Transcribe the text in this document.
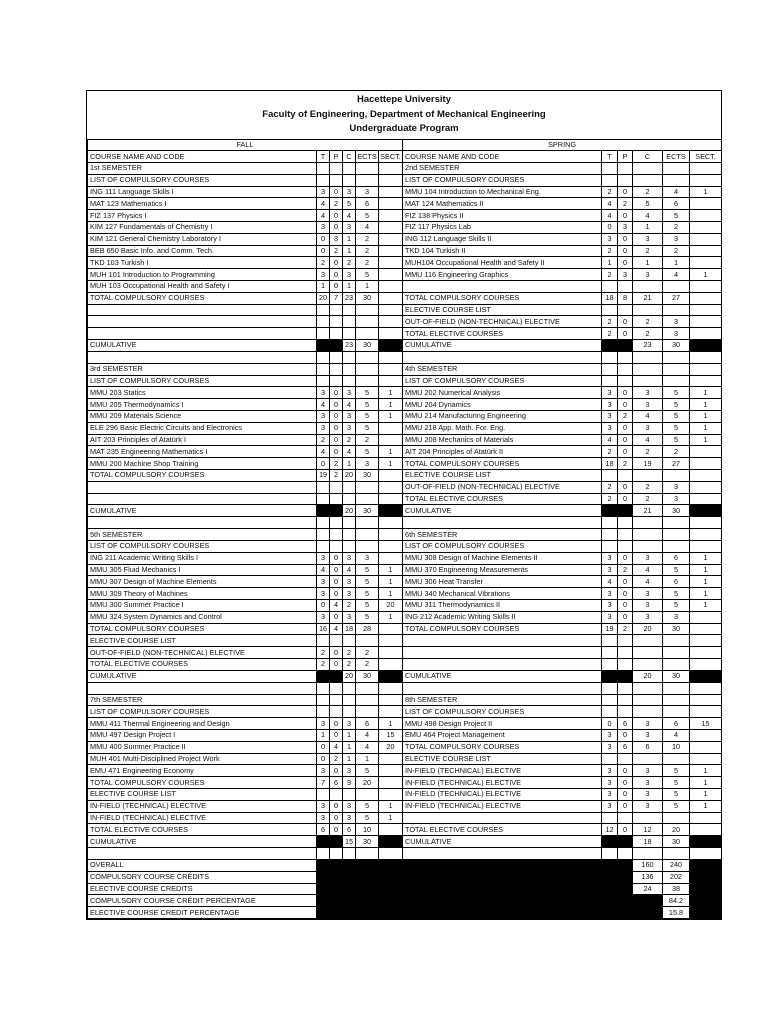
Hacettepe University
Faculty of Engineering, Department of Mechanical Engineering
Undergraduate Program
FALL						SPRING					
COURSE NAME AND CODE	T	P	C	ECTS	SECT.	COURSE NAME AND CODE	T	P	C	ECTS	SECT.
1st SEMESTER						2nd SEMESTER					
LIST OF COMPULSORY COURSES						LIST OF COMPULSORY COURSES					
ING 111 Language Skills I	3	0	3	3		MMU 104 Introduction to Mechanical Eng.	2	0	2	4	1
MAT 123 Mathematics I	4	2	5	6		MAT 124 Mathematics II	4	2	5	6	
FIZ 137 Physics I	4	0	4	5		FIZ 138 Physics II	4	0	4	5	
KIM 127 Fundamentals of Chemistry I	3	0	3	4		FIZ 117 Physics Lab	0	3	1	2	
KIM 121 General Chemistry Laboratory I	0	3	1	2		ING 112 Language Skills II	3	0	3	3	
BEB 650 Basic Info. and Comm. Tech.	0	2	1	2		TKD 104 Turkish II	2	0	2	2	
TKD 103 Turkish I	2	0	2	2		MUH104 Occupational Health and Safety II	1	0	1	1	
MUH 101 Introduction to Programming	3	0	3	5		MMU 116 Engineering Graphics	2	3	3	4	1
MUH 103 Occupational Health and Safety I	1	0	1	1							
TOTAL COMPULSORY COURSES	20	7	23	30		TOTAL COMPULSORY COURSES	18	8	21	27	
						ELECTIVE COURSE LIST					
						OUT-OF-FIELD (NON-TECHNICAL) ELECTIVE	2	0	2	3	
						TOTAL ELECTIVE COURSES	2	0	2	3	
CUMULATIVE			23	30		CUMULATIVE			23	30	

3rd SEMESTER						4th SEMESTER					
LIST OF COMPULSORY COURSES						LIST OF COMPULSORY COURSES					
MMU 203 Statics	3	0	3	5	1	MMU 202 Numerical Analysis	3	0	3	5	1
MMU 205 Thermodynamics I	4	0	4	5	1	MMU 204 Dynamics	3	0	3	5	1
MMU 209 Materials Science	3	0	3	5	1	MMU 214 Manufacturing Engineering	3	2	4	5	1
ELE 296 Basic Electric Circuits and Electronics	3	0	3	5		MMU 218 App. Math. For. Eng.	3	0	3	5	1
AIT 203 Principles of Atatürk I	2	0	2	2		MMU 208 Mechanics of Materials	4	0	4	5	1
MAT 235 Engineering Mathematics I	4	0	4	5	1	AIT 204 Principles of Atatürk II	2	0	2	2	
MMU 200 Machine Shop Training	0	2	1	3	1	TOTAL COMPULSORY COURSES	18	2	19	27	
TOTAL COMPULSORY COURSES	19	2	20	30		ELECTIVE COURSE LIST					
						OUT-OF-FIELD (NON-TECHNICAL) ELECTIVE	2	0	2	3	
						TOTAL ELECTIVE COURSES	2	0	2	3	
CUMULATIVE			20	30		CUMULATIVE			21	30	

5th SEMESTER						6th SEMESTER					
LIST OF COMPULSORY COURSES						LIST OF COMPULSORY COURSES					
ING 211 Academic Writing Skills I	3	0	3	3		MMU 308 Design of Machine Elements II	3	0	3	6	1
MMU 305 Fluid Mechanics I	4	0	4	5	1	MMU 370 Engineering Measurements	3	2	4	5	1
MMU 307 Design of Machine Elements	3	0	3	5	1	MMU 306 Heat Transfer	4	0	4	6	1
MMU 309 Theory of Machines	3	0	3	5	1	MMU 340 Mechanical Vibrations	3	0	3	5	1
MMU 300 Summer Practice I	0	4	2	5	20	MMU 311 Thermodynamics II	3	0	3	5	1
MMU 324 System Dynamics and Control	3	0	3	5	1	ING 212 Academic Writing Skills II	3	0	3	3	
TOTAL COMPULSORY COURSES	16	4	18	28		TOTAL COMPULSORY COURSES	19	2	20	30	
ELECTIVE COURSE LIST											
OUT-OF-FIELD (NON-TECHNICAL) ELECTIVE	2	0	2	2							
TOTAL ELECTIVE COURSES	2	0	2	2							
CUMULATIVE			20	30		CUMULATIVE			20	30	

7th SEMESTER						8th SEMESTER					
LIST OF COMPULSORY COURSES						LIST OF COMPULSORY COURSES					
MMU 411 Thermal Engineering and Design	3	0	3	6	1	MMU 498 Design Project II	0	6	3	6	15
MMU 497 Design Project I	1	0	1	4	15	EMU 464 Project Management	3	0	3	4	
MMU 400 Summer Practice II	0	4	1	4	20	TOTAL COMPULSORY COURSES	3	6	6	10	
MUH 401 Multi-Disciplined Project Work	0	2	1	1		ELECTIVE COURSE LIST					
EMU 471 Engineering Economy	3	0	3	5		IN-FIELD (TECHNICAL) ELECTIVE	3	0	3	5	1
TOTAL COMPULSORY COURSES	7	6	9	20		IN-FIELD (TECHNICAL) ELECTIVE	3	0	3	5	1
ELECTIVE COURSE LIST						IN-FIELD (TECHNICAL) ELECTIVE	3	0	3	5	1
IN-FIELD (TECHNICAL) ELECTIVE	3	0	3	5	1	IN-FIELD (TECHNICAL) ELECTIVE	3	0	3	5	1
IN-FIELD (TECHNICAL) ELECTIVE	3	0	3	5	1						
TOTAL ELECTIVE COURSES	6	0	6	10		TOTAL ELECTIVE COURSES	12	0	12	20	
CUMULATIVE			15	30		CUMULATIVE			18	30	

OVERALL									160	240	
COMPULSORY COURSE CREDITS									136	202	
ELECTIVE COURSE CREDITS									24	38	
COMPULSORY COURSE CREDIT PERCENTAGE										84.2	
ELECTIVE COURSE CREDIT PERCENTAGE										15.8	
